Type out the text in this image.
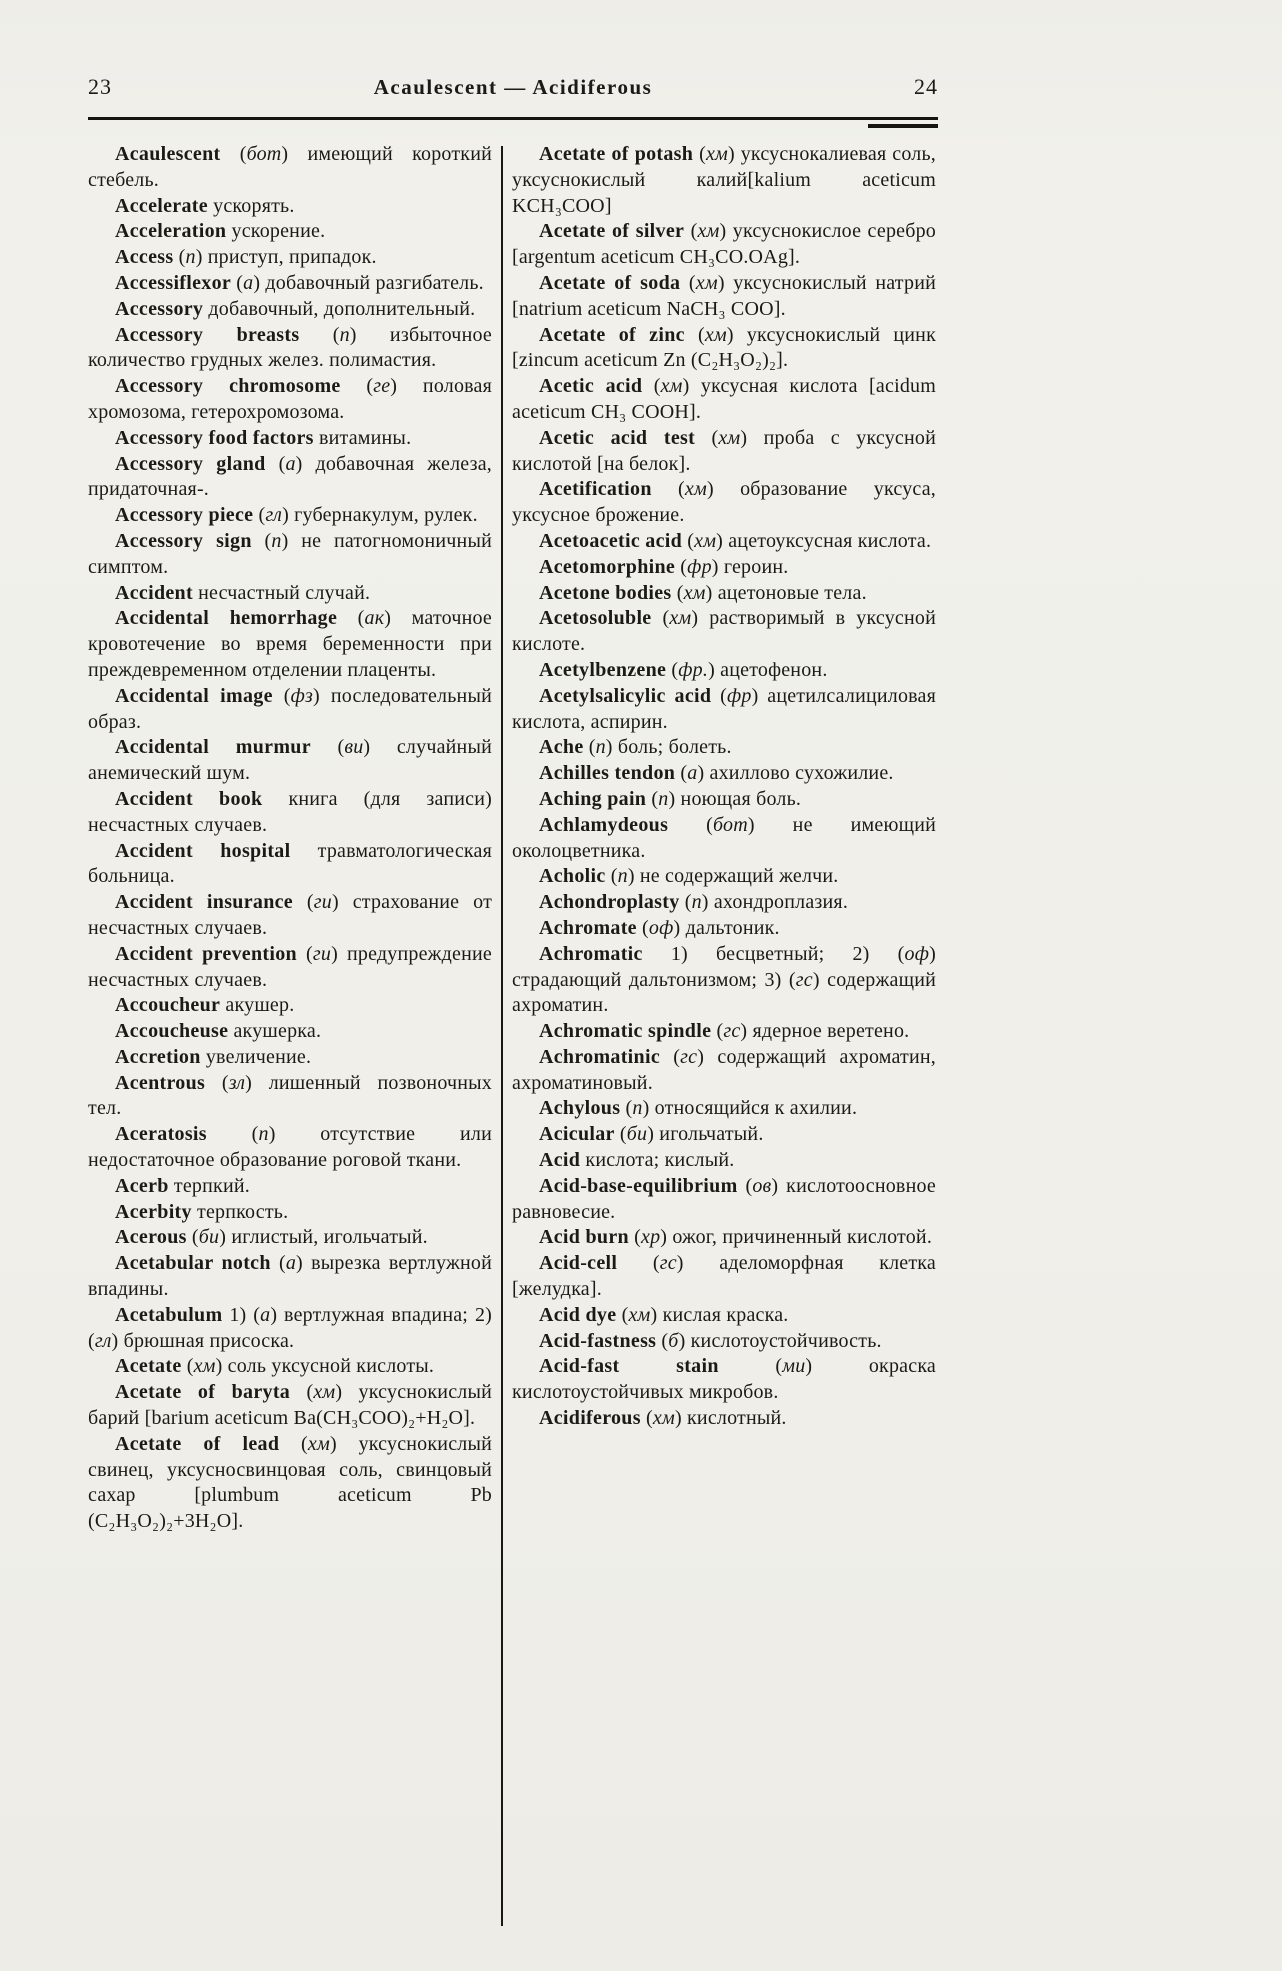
23	Acaulescent — Acidiferous	24

Acaulescent (бот) имеющий короткий стебель.

Accelerate ускорять.

Acceleration ускорение.

Access (n) приступ, припадок.

Accessiflexor (a) добавочный разгибатель.

Accessory добавочный, дополнительный.

Accessory breasts (n) избыточное количество грудных желез. полимастия.

Accessory chromosome (ге) половая хромозома, гетерохромозома.

Accessory food factors витамины.

Accessory gland (a) добавочная железа, придаточная-.

Accessory piece (гл) губернакулум, рулек.

Accessory sign (n) не патогномоничный симптом.

Accident несчастный случай.

Accidental hemorrhage (ак) маточное кровотечение во время беременности при преждевременном отделении плаценты.

Accidental image (фз) последовательный образ.

Accidental murmur (ви) случайный анемический шум.

Accident book книга (для записи) несчастных случаев.

Accident hospital травматологическая больница.

Accident insurance (ги) страхование от несчастных случаев.

Accident prevention (ги) предупреждение несчастных случаев.

Accoucheur акушер.

Accoucheuse акушерка.

Accretion увеличение.

Acentrous (зл) лишенный позвоночных тел.

Aceratosis (n) отсутствие или недостаточное образование роговой ткани.

Acerb терпкий.

Acerbity терпкость.

Acerous (би) иглистый, игольчатый.

Acetabular notch (a) вырезка вертлужной впадины.

Acetabulum 1) (a) вертлужная впадина; 2) (гл) брюшная присоска.

Acetate (хм) соль уксусной кислоты.

Acetate of baryta (хм) уксуснокислый барий [barium aceticum Ba(CH₃COO)₂+H₂O].

Acetate of lead (хм) уксуснокислый свинец, уксусносвинцовая соль, свинцовый сахар [plumbum aceticum Pb (C₂H₃O₂)₂+3H₂O].

Acetate of potash (хм) уксуснокалиевая соль, уксуснокислый калий[kalium aceticum KCH₃COO]

Acetate of silver (хм) уксуснокислое серебро [argentum aceticum CH₃CO.OAg].

Acetate of soda (хм) уксуснокислый натрий [natrium aceticum NaCH₃ COO].

Acetate of zinc (хм) уксуснокислый цинк [zincum aceticum Zn (C₂H₃O₂)₂].

Acetic acid (хм) уксусная кислота [acidum aceticum CH₃ COOH].

Acetic acid test (хм) проба с уксусной кислотой [на белок].

Acetification (хм) образование уксуса, уксусное брожение.

Acetoacetic acid (хм) ацетоуксусная кислота.

Acetomorphine (фр) героин.

Acetone bodies (хм) ацетоновые тела.

Acetosoluble (хм) растворимый в уксусной кислоте.

Acetylbenzene (фр.) ацетофенон.

Acetylsalicylic acid (фр) ацетилсалициловая кислота, аспирин.

Ache (n) боль; болеть.

Achilles tendon (a) ахиллово сухожилие.

Aching pain (n) ноющая боль.

Achlamydeous (бот) не имеющий околоцветника.

Acholic (n) не содержащий желчи.

Achondroplasty (n) ахондроплазия.

Achromate (оф) дальтоник.

Achromatic 1) бесцветный; 2) (оф) страдающий дальтонизмом; 3) (гс) содержащий ахроматин.

Achromatic spindle (гс) ядерное веретено.

Achromatinic (гс) содержащий ахроматин, ахроматиновый.

Achylous (n) относящийся к ахилии.

Acicular (би) игольчатый.

Acid кислота; кислый.

Acid-base-equilibrium (ов) кислотоосновное равновесие.

Acid burn (хр) ожог, причиненный кислотой.

Acid-cell (гс) аделоморфная клетка [желудка].

Acid dye (хм) кислая краска.

Acid-fastness (б) кислотоустойчивость.

Acid-fast stain (ми) окраска кислотоустойчивых микробов.

Acidiferous (хм) кислотный.
